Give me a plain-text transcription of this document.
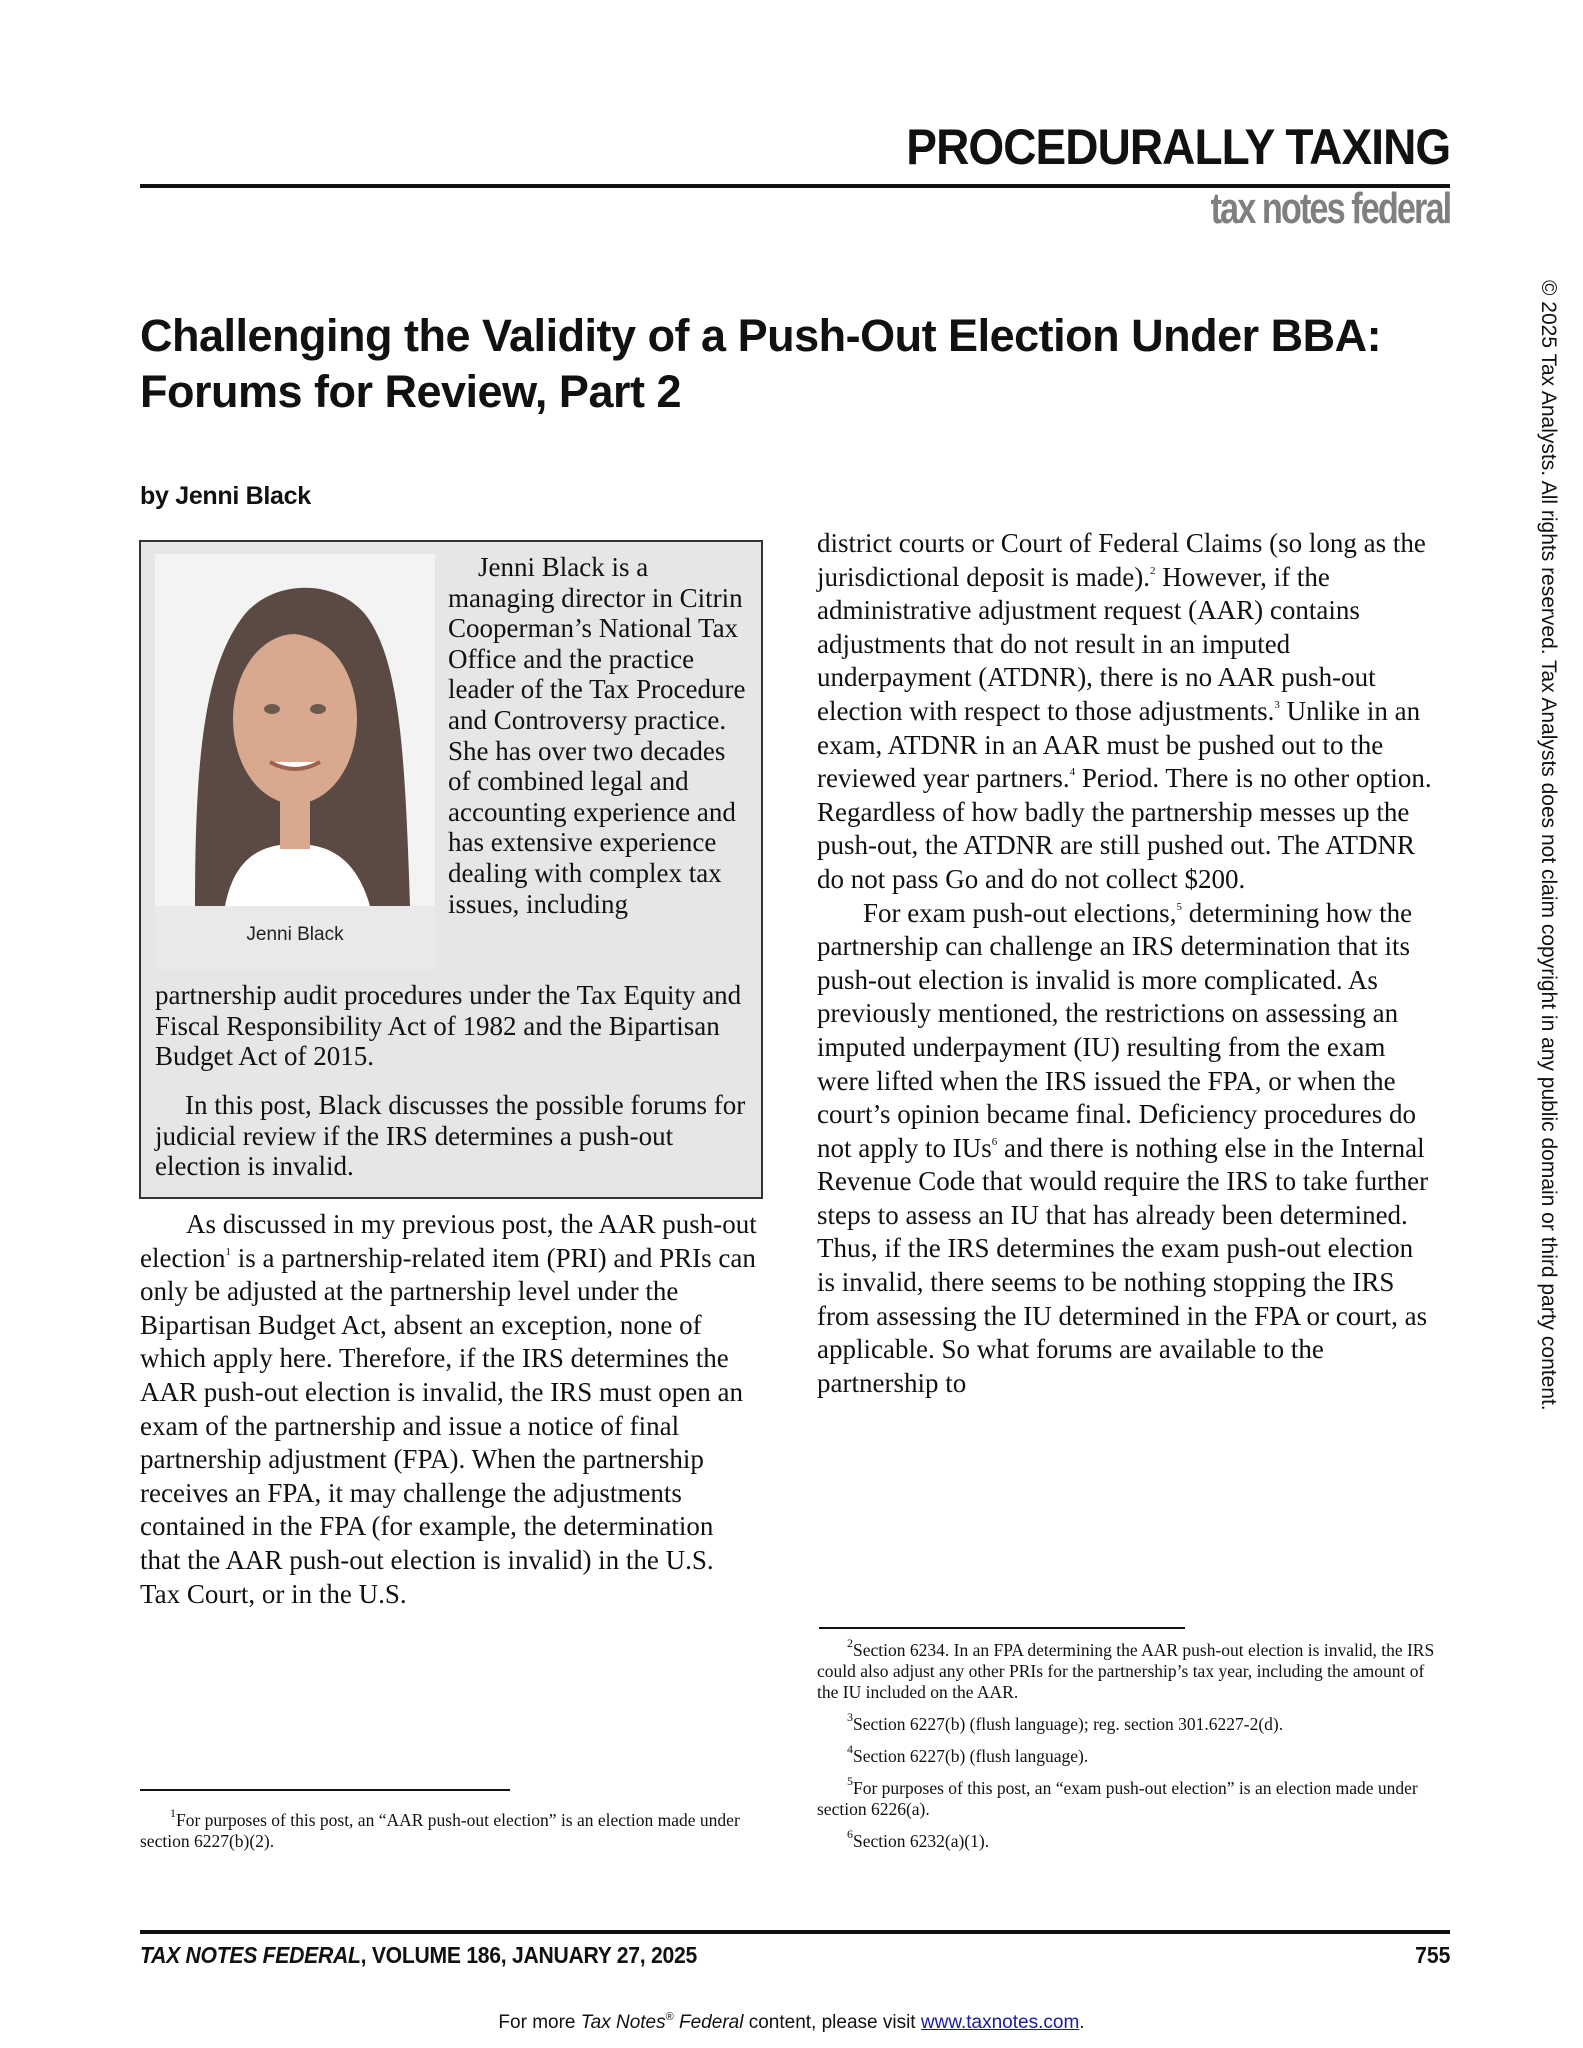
PROCEDURALLY TAXING
tax notes federal
Challenging the Validity of a Push-Out Election Under BBA:
Forums for Review, Part 2
by Jenni Black
Jenni Black
Jenni Black is a managing director in Citrin Cooperman’s National Tax Office and the practice leader of the Tax Procedure and Controversy practice. She has over two decades of combined legal and accounting experience and has extensive experience dealing with complex tax issues, including
partnership audit procedures under the Tax Equity and Fiscal Responsibility Act of 1982 and the Bipartisan Budget Act of 2015.
In this post, Black discusses the possible forums for judicial review if the IRS determines a push-out election is invalid.
As discussed in my previous post, the AAR push-out election$^1$ is a partnership-related item (PRI) and PRIs can only be adjusted at the partnership level under the Bipartisan Budget Act, absent an exception, none of which apply here. Therefore, if the IRS determines the AAR push-out election is invalid, the IRS must open an exam of the partnership and issue a notice of final partnership adjustment (FPA). When the partnership receives an FPA, it may challenge the adjustments contained in the FPA (for example, the determination that the AAR push-out election is invalid) in the U.S. Tax Court, or in the U.S.

district courts or Court of Federal Claims (so long as the jurisdictional deposit is made).$^2$ However, if the administrative adjustment request (AAR) contains adjustments that do not result in an imputed underpayment (ATDNR), there is no AAR push-out election with respect to those adjustments.$^3$ Unlike in an exam, ATDNR in an AAR must be pushed out to the reviewed year partners.$^4$ Period. There is no other option. Regardless of how badly the partnership messes up the push-out, the ATDNR are still pushed out. The ATDNR do not pass Go and do not collect $200.

For exam push-out elections,$^5$ determining how the partnership can challenge an IRS determination that its push-out election is invalid is more complicated. As previously mentioned, the restrictions on assessing an imputed underpayment (IU) resulting from the exam were lifted when the IRS issued the FPA, or when the court’s opinion became final. Deficiency procedures do not apply to IUs$^6$ and there is nothing else in the Internal Revenue Code that would require the IRS to take further steps to assess an IU that has already been determined. Thus, if the IRS determines the exam push-out election is invalid, there seems to be nothing stopping the IRS from assessing the IU determined in the FPA or court, as applicable. So what forums are available to the partnership to

$^1$For purposes of this post, an “AAR push-out election” is an election made under section 6227(b)(2).

$^2$Section 6234. In an FPA determining the AAR push-out election is invalid, the IRS could also adjust any other PRIs for the partnership’s tax year, including the amount of the IU included on the AAR.

$^3$Section 6227(b) (flush language); reg. section 301.6227-2(d).

$^4$Section 6227(b) (flush language).

$^5$For purposes of this post, an “exam push-out election” is an election made under section 6226(a).

$^6$Section 6232(a)(1).

TAX NOTES FEDERAL, VOLUME 186, JANUARY 27, 2025	755
For more Tax Notes® Federal content, please visit www.taxnotes.com.
© 2025 Tax Analysts. All rights reserved. Tax Analysts does not claim copyright in any public domain or third party content.
